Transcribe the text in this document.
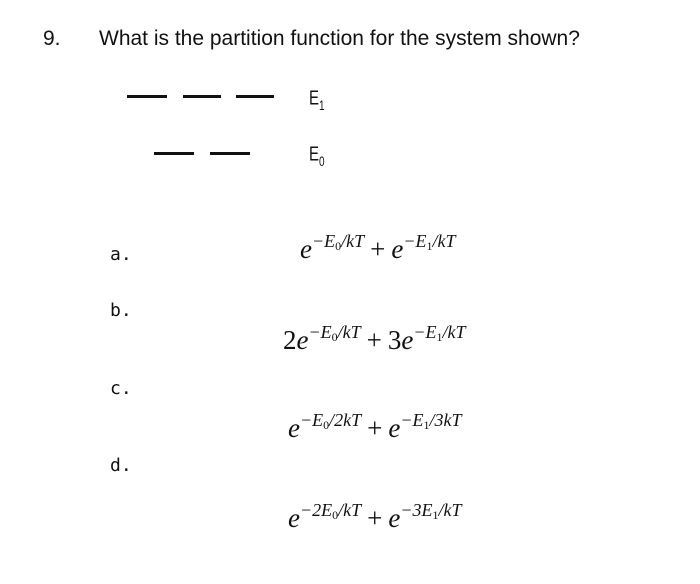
9. What is the partition function for the system shown?
$E_1$
$E_0$
a.	$e^{-E_0/kT} + e^{-E_1/kT}$
b.
$2e^{-E_0/kT} + 3e^{-E_1/kT}$
c.
$e^{-E_0/2kT} + e^{-E_1/3kT}$
d.
$e^{-2E_0/kT} + e^{-3E_1/kT}$
